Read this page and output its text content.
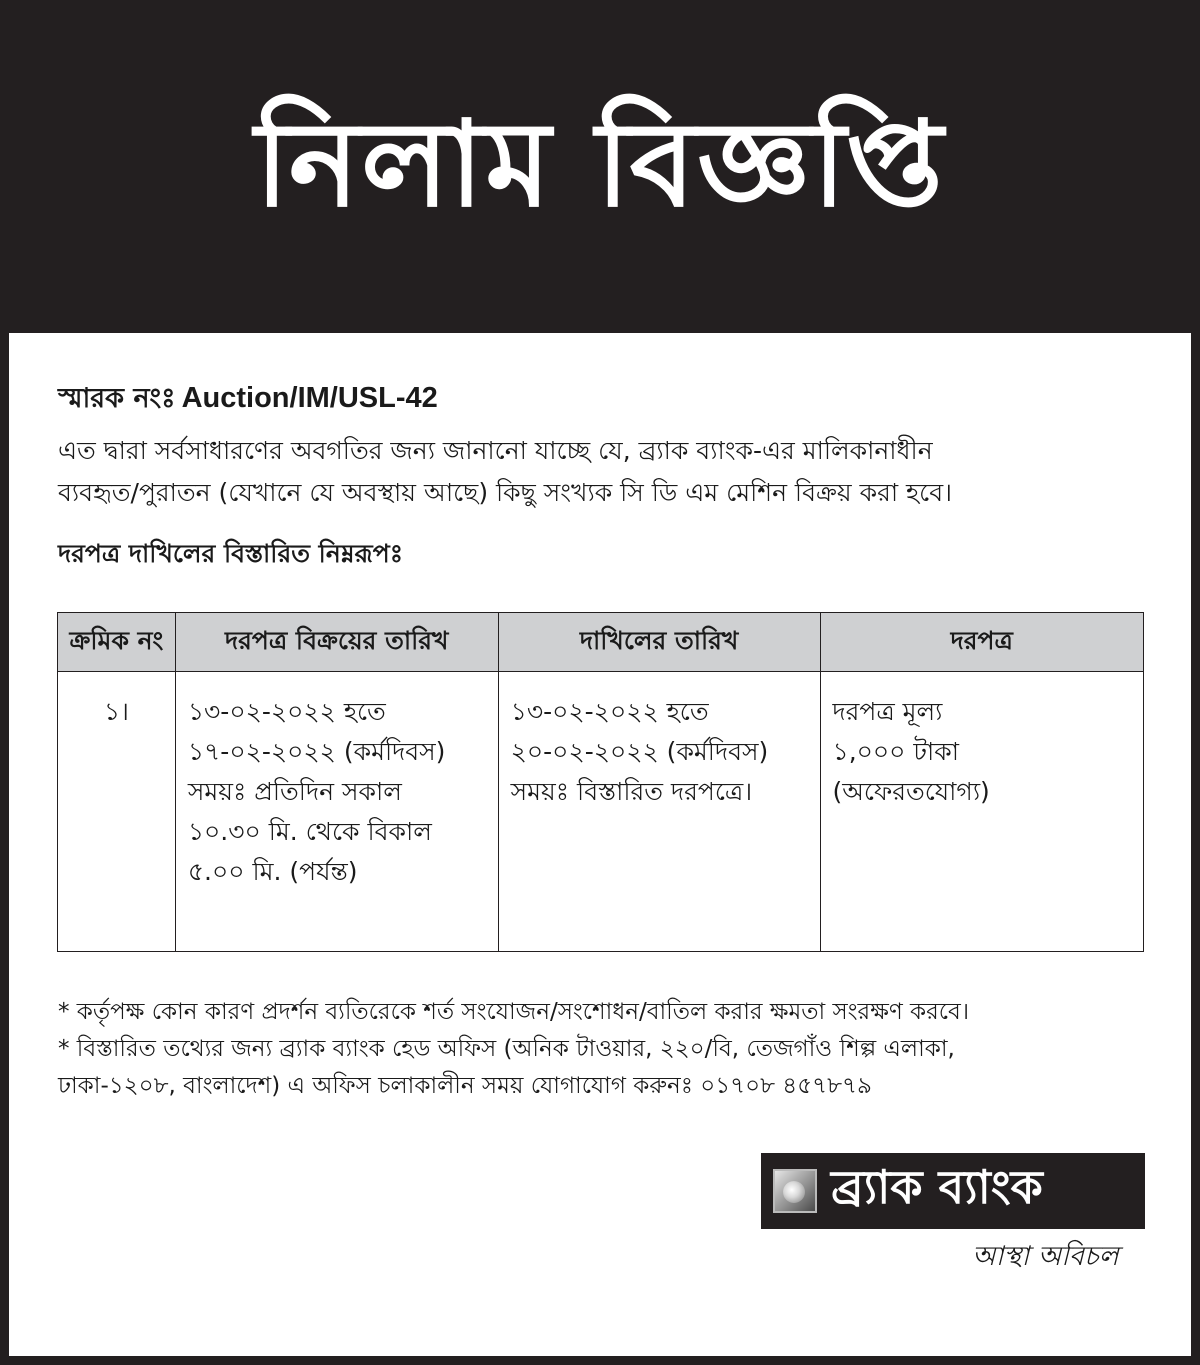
নিলাম বিজ্ঞপ্তি
স্মারক নংঃ Auction/IM/USL-42
এত দ্বারা সর্বসাধারণের অবগতির জন্য জানানো যাচ্ছে যে, ব্র্যাক ব্যাংক-এর মালিকানাধীন
ব্যবহৃত/পুরাতন (যেখানে যে অবস্থায় আছে) কিছু সংখ্যক সি ডি এম মেশিন বিক্রয় করা হবে।
দরপত্র দাখিলের বিস্তারিত নিম্নরূপঃ
ক্রমিক নং	দরপত্র বিক্রয়ের তারিখ	দাখিলের তারিখ	দরপত্র

১।	১৩-০২-২০২২ হতে
১৭-০২-২০২২ (কর্মদিবস)
সময়ঃ প্রতিদিন সকাল
১০.৩০ মি. থেকে বিকাল
৫.০০ মি. (পর্যন্ত)	১৩-০২-২০২২ হতে
২০-০২-২০২২ (কর্মদিবস)
সময়ঃ বিস্তারিত দরপত্রে।	দরপত্র মূল্য
১,০০০ টাকা
(অফেরতযোগ্য)
* কর্তৃপক্ষ কোন কারণ প্রদর্শন ব্যতিরেকে শর্ত সংযোজন/সংশোধন/বাতিল করার ক্ষমতা সংরক্ষণ করবে।
* বিস্তারিত তথ্যের জন্য ব্র্যাক ব্যাংক হেড অফিস (অনিক টাওয়ার, ২২০/বি, তেজগাঁও শিল্প এলাকা,
ঢাকা-১২০৮, বাংলাদেশ) এ অফিস চলাকালীন সময় যোগাযোগ করুনঃ ০১৭০৮ ৪৫৭৮৭৯
ব্র্যাক ব্যাংক
আস্থা অবিচল
